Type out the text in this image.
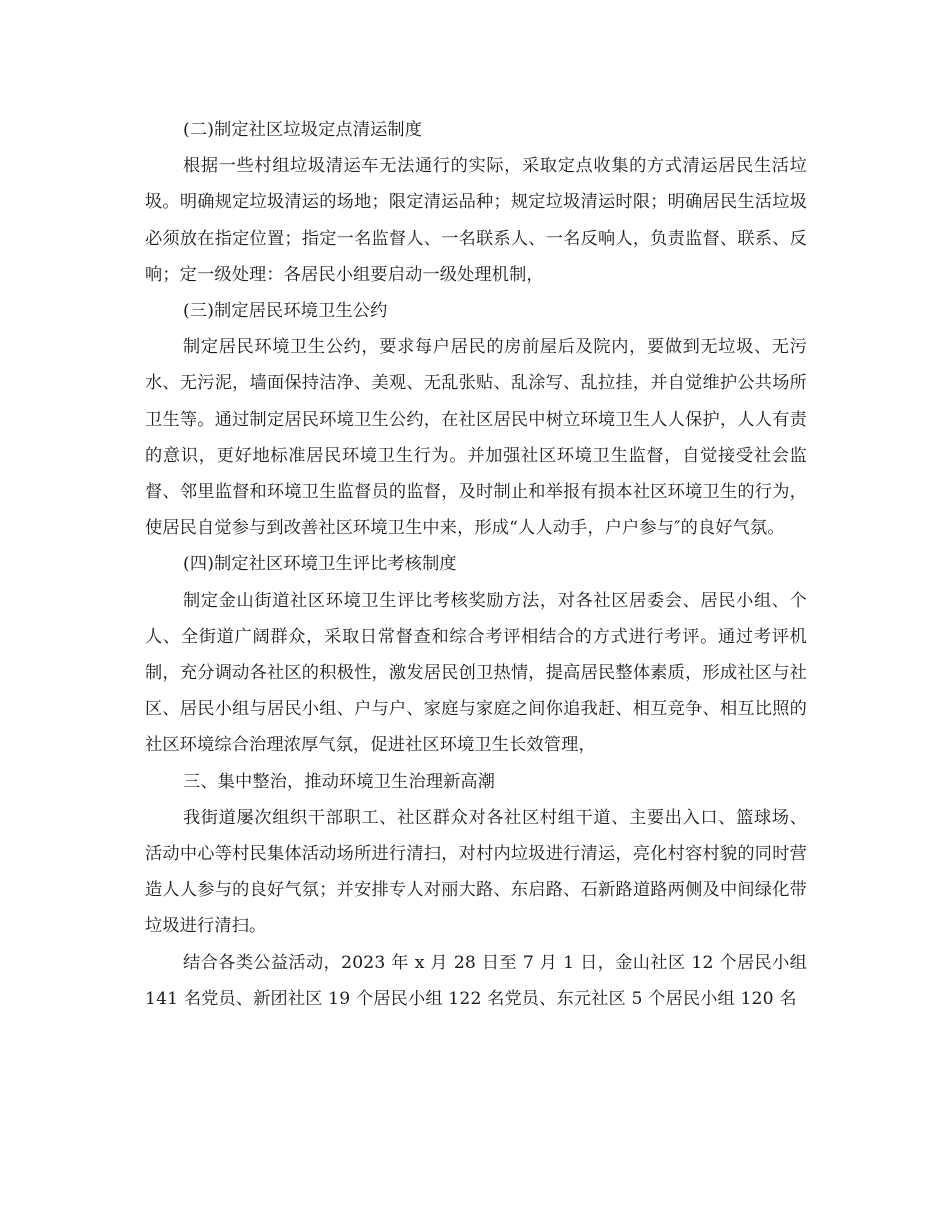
(二)制定社区垃圾定点清运制度

根据一些村组垃圾清运车无法通行的实际，采取定点收集的方式清运居民生活垃圾。明确规定垃圾清运的场地；限定清运品种；规定垃圾清运时限；明确居民生活垃圾必须放在指定位置；指定一名监督人、一名联系人、一名反响人，负责监督、联系、反响；定一级处理：各居民小组要启动一级处理机制，

(三)制定居民环境卫生公约

制定居民环境卫生公约，要求每户居民的房前屋后及院内，要做到无垃圾、无污水、无污泥，墙面保持洁净、美观、无乱张贴、乱涂写、乱拉挂，并自觉维护公共场所卫生等。通过制定居民环境卫生公约，在社区居民中树立环境卫生人人保护，人人有责的意识，更好地标准居民环境卫生行为。并加强社区环境卫生监督，自觉接受社会监督、邻里监督和环境卫生监督员的监督，及时制止和举报有损本社区环境卫生的行为，使居民自觉参与到改善社区环境卫生中来，形成“人人动手，户户参与″的良好气氛。

(四)制定社区环境卫生评比考核制度

制定金山街道社区环境卫生评比考核奖励方法，对各社区居委会、居民小组、个人、全街道广阔群众，采取日常督查和综合考评相结合的方式进行考评。通过考评机制，充分调动各社区的积极性，激发居民创卫热情，提高居民整体素质，形成社区与社区、居民小组与居民小组、户与户、家庭与家庭之间你追我赶、相互竞争、相互比照的社区环境综合治理浓厚气氛，促进社区环境卫生长效管理，

三、集中整治，推动环境卫生治理新高潮

我街道屡次组织干部职工、社区群众对各社区村组干道、主要出入口、篮球场、活动中心等村民集体活动场所进行清扫，对村内垃圾进行清运，亮化村容村貌的同时营造人人参与的良好气氛；并安排专人对丽大路、东启路、石新路道路两侧及中间绿化带垃圾进行清扫。

结合各类公益活动，2023 年 x 月 28 日至 7 月 1 日，金山社区 12 个居民小组 141 名党员、新团社区 19 个居民小组 122 名党员、东元社区 5 个居民小组 120 名
